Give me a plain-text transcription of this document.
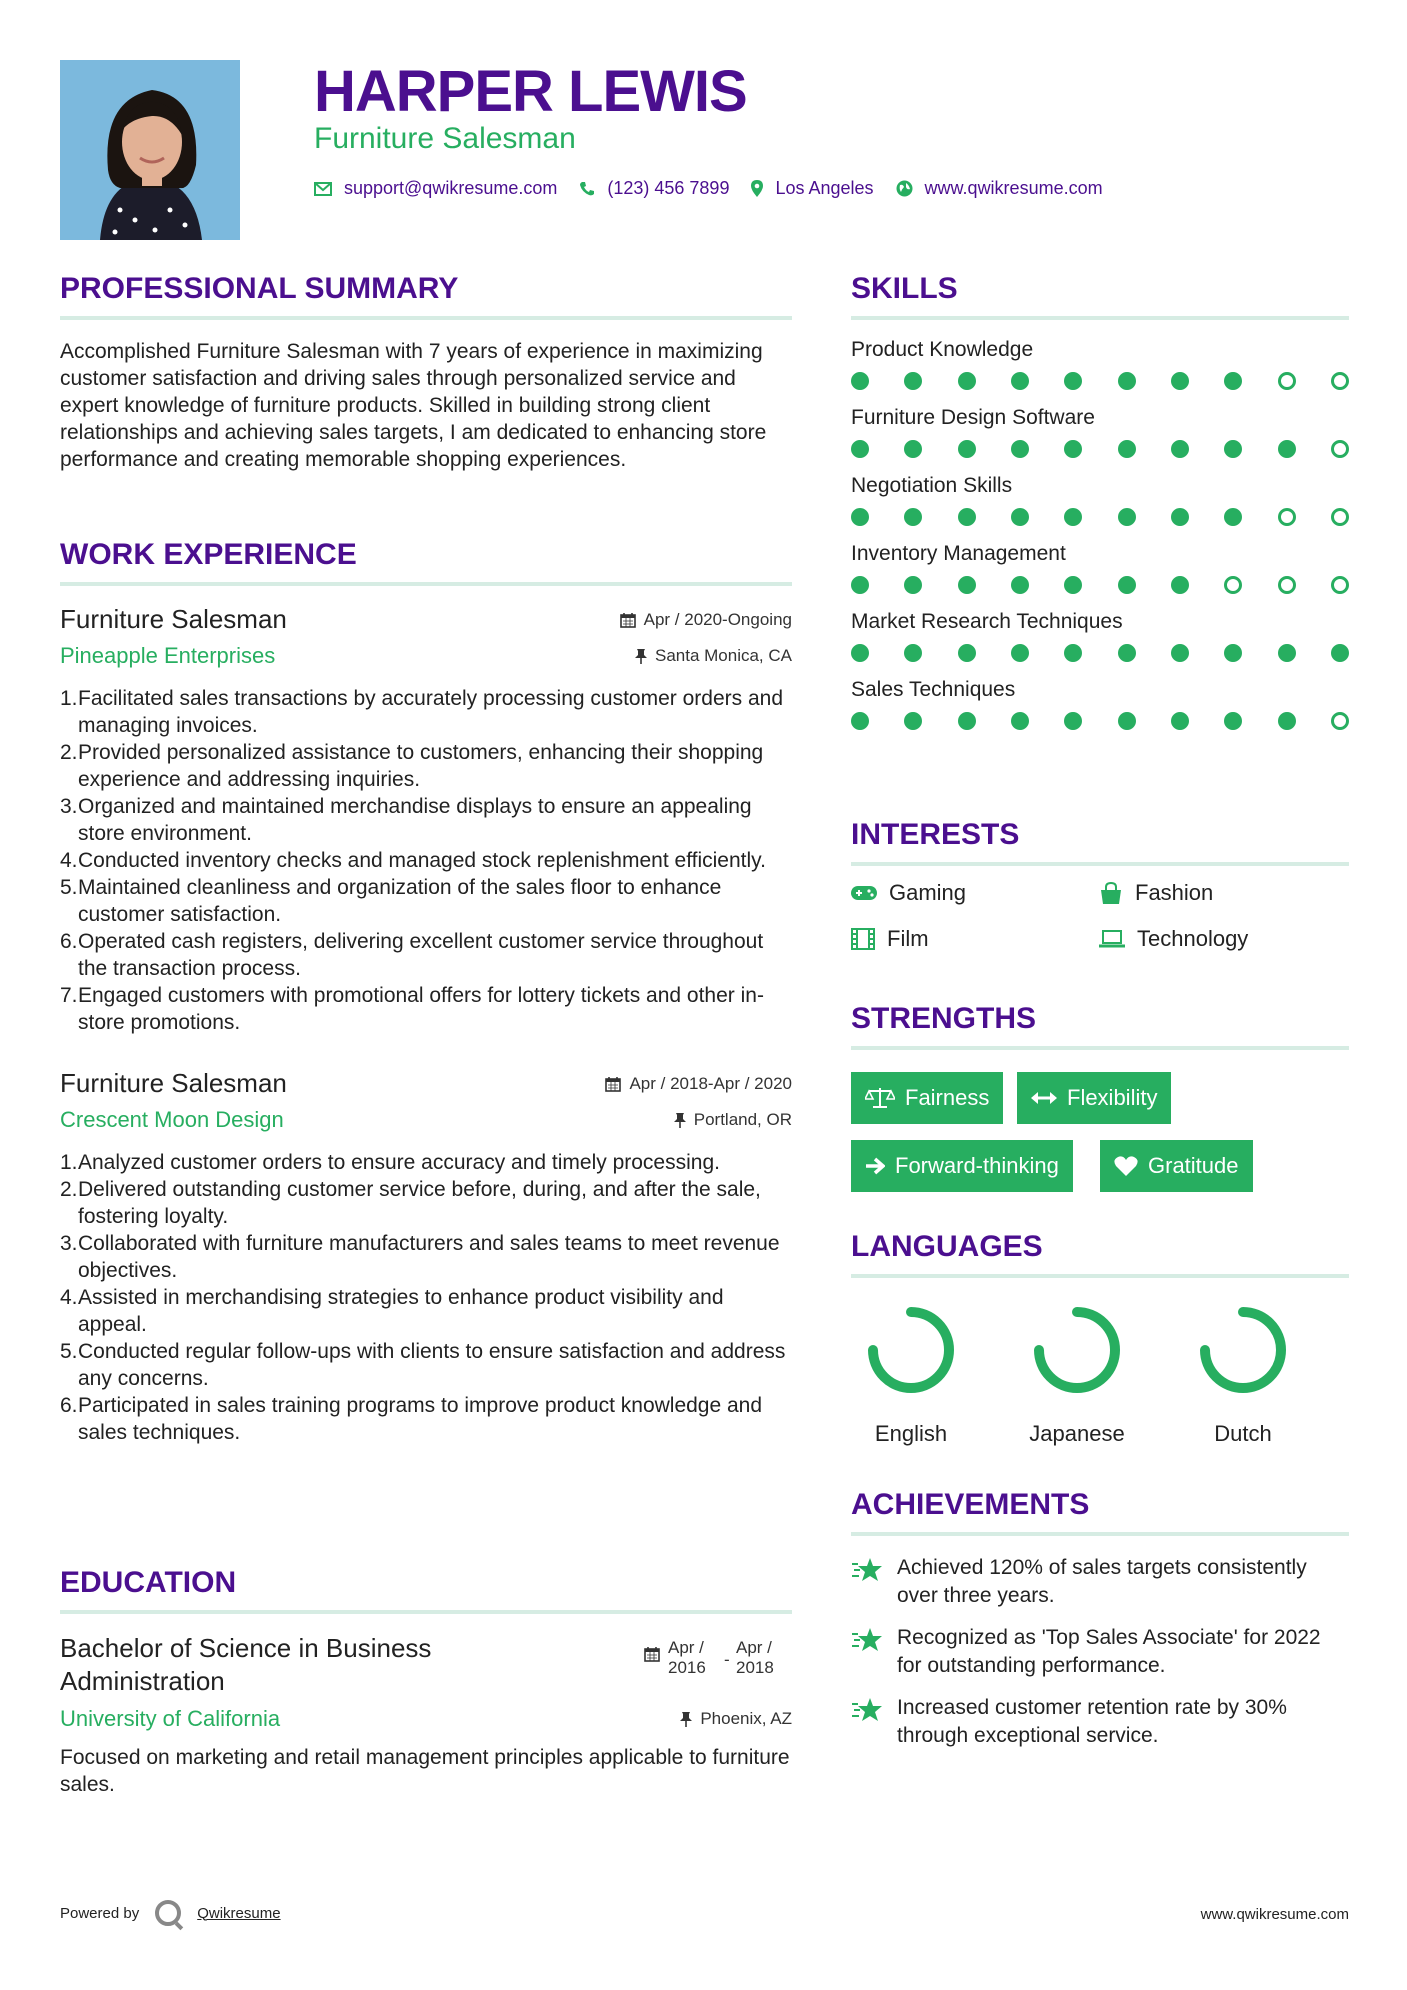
HARPER LEWIS
Furniture Salesman
support@qwikresume.com	(123) 456 7899	Los Angeles	www.qwikresume.com
PROFESSIONAL SUMMARY
Accomplished Furniture Salesman with 7 years of experience in maximizing customer satisfaction and driving sales through personalized service and expert knowledge of furniture products. Skilled in building strong client relationships and achieving sales targets, I am dedicated to enhancing store performance and creating memorable shopping experiences.
WORK EXPERIENCE
Furniture Salesman	Apr / 2020-Ongoing
Pineapple Enterprises	Santa Monica, CA
1. Facilitated sales transactions by accurately processing customer orders and managing invoices.
2. Provided personalized assistance to customers, enhancing their shopping experience and addressing inquiries.
3. Organized and maintained merchandise displays to ensure an appealing store environment.
4. Conducted inventory checks and managed stock replenishment efficiently.
5. Maintained cleanliness and organization of the sales floor to enhance customer satisfaction.
6. Operated cash registers, delivering excellent customer service throughout the transaction process.
7. Engaged customers with promotional offers for lottery tickets and other in-store promotions.
Furniture Salesman	Apr / 2018-Apr / 2020
Crescent Moon Design	Portland, OR
1. Analyzed customer orders to ensure accuracy and timely processing.
2. Delivered outstanding customer service before, during, and after the sale, fostering loyalty.
3. Collaborated with furniture manufacturers and sales teams to meet revenue objectives.
4. Assisted in merchandising strategies to enhance product visibility and appeal.
5. Conducted regular follow-ups with clients to ensure satisfaction and address any concerns.
6. Participated in sales training programs to improve product knowledge and sales techniques.
EDUCATION
Bachelor of Science in Business Administration
Apr / 2016	-
Apr / 2018
University of California	Phoenix, AZ
Focused on marketing and retail management principles applicable to furniture sales.
SKILLS
Product Knowledge
Furniture Design Software
Negotiation Skills
Inventory Management
Market Research Techniques
Sales Techniques
INTERESTS
Gaming	Fashion
Film	Technology
STRENGTHS
Fairness	Flexibility
Forward-thinking	Gratitude
LANGUAGES
English	Japanese	Dutch
ACHIEVEMENTS
Achieved 120% of sales targets consistently over three years.
Recognized as 'Top Sales Associate' for 2022 for outstanding performance.
Increased customer retention rate by 30% through exceptional service.
Powered by	Qwikresume	www.qwikresume.com
